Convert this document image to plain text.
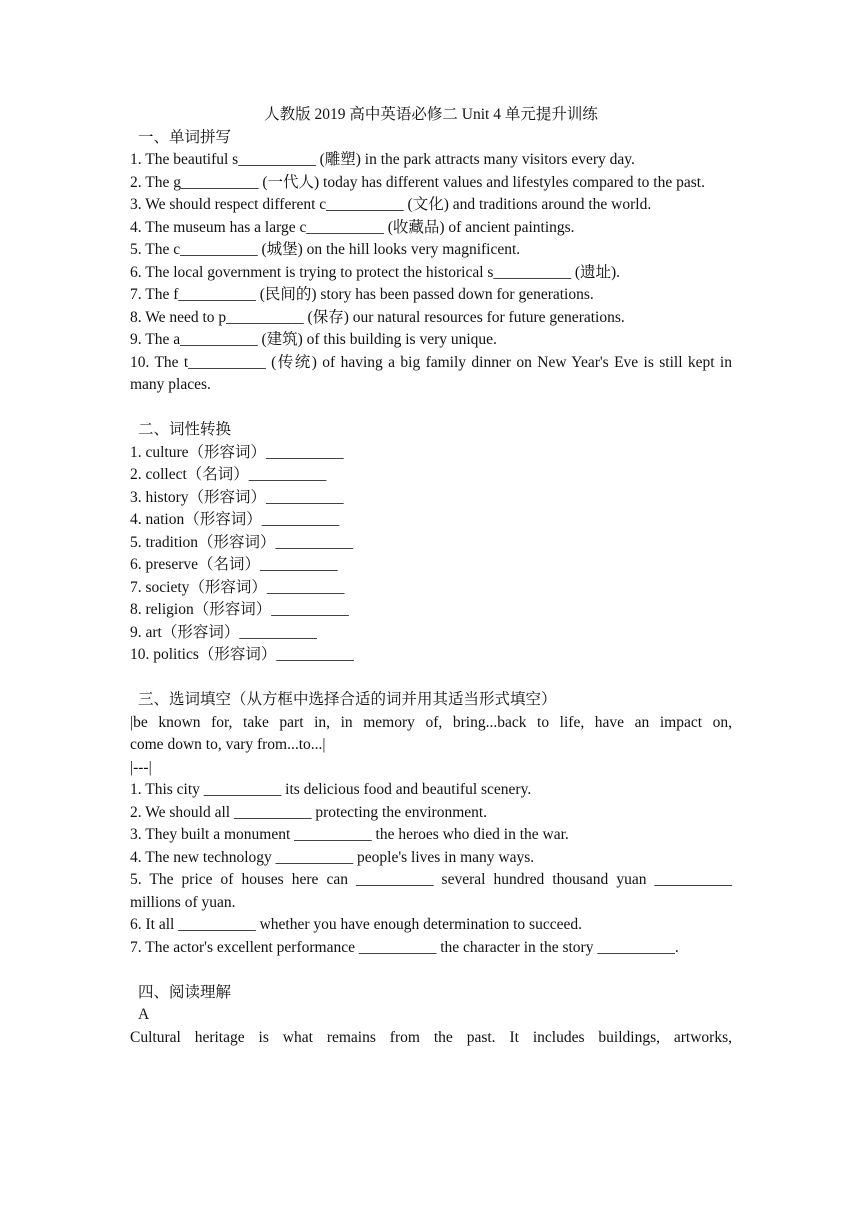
人教版 2019 高中英语必修二 Unit 4 单元提升训练
一、单词拼写
1. The beautiful s__________ (雕塑) in the park attracts many visitors every day.
2. The g__________ (一代人) today has different values and lifestyles compared to the past.
3. We should respect different c__________ (文化) and traditions around the world.
4. The museum has a large c__________ (收藏品) of ancient paintings.
5. The c__________ (城堡) on the hill looks very magnificent.
6. The local government is trying to protect the historical s__________ (遗址).
7. The f__________ (民间的) story has been passed down for generations.
8. We need to p__________ (保存) our natural resources for future generations.
9. The a__________ (建筑) of this building is very unique.
10. The t__________ (传统) of having a big family dinner on New Year's Eve is still kept in many places.
二、词性转换
1. culture（形容词）__________
2. collect（名词）__________
3. history（形容词）__________
4. nation（形容词）__________
5. tradition（形容词）__________
6. preserve（名词）__________
7. society（形容词）__________
8. religion（形容词）__________
9. art（形容词）__________
10. politics（形容词）__________
三、选词填空（从方框中选择合适的词并用其适当形式填空）
|be known for, take part in, in memory of, bring...back to life, have an impact on,
come down to, vary from...to...|
|---|
1. This city __________ its delicious food and beautiful scenery.
2. We should all __________ protecting the environment.
3. They built a monument __________ the heroes who died in the war.
4. The new technology __________ people's lives in many ways.
5. The price of houses here can __________ several hundred thousand yuan __________ millions of yuan.
6. It all __________ whether you have enough determination to succeed.
7. The actor's excellent performance __________ the character in the story __________.
四、阅读理解
A
Cultural heritage is what remains from the past. It includes buildings, artworks,
